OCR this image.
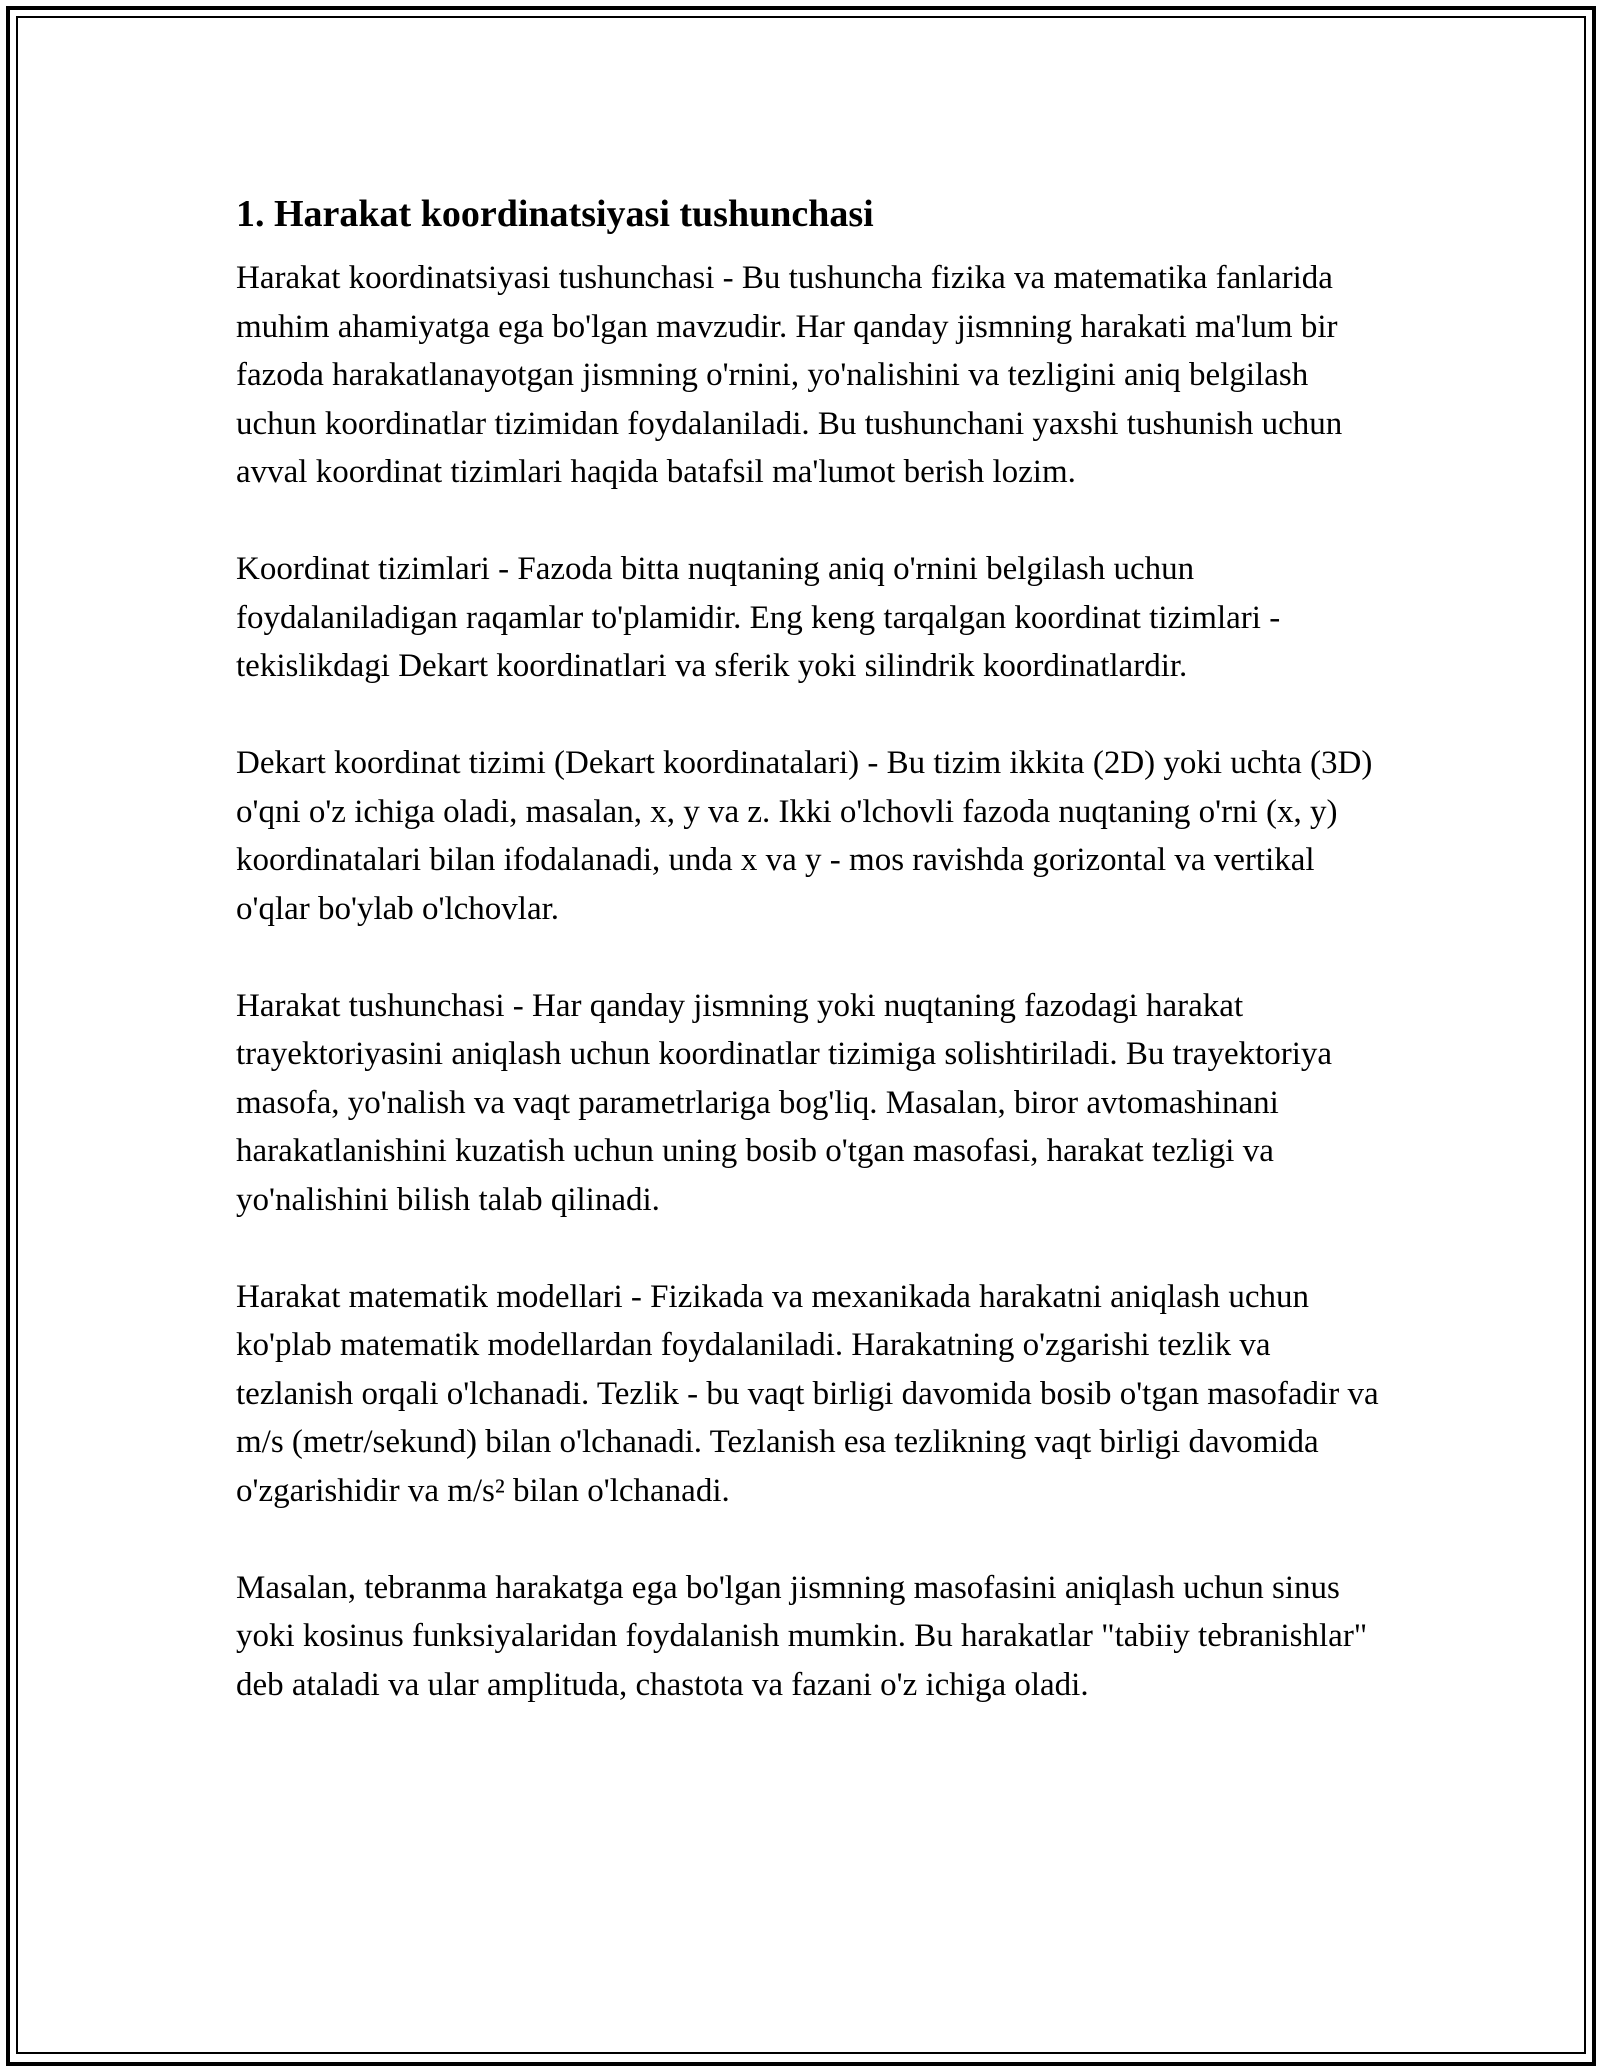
1. Harakat koordinatsiyasi tushunchasi

Harakat koordinatsiyasi tushunchasi - Bu tushuncha fizika va matematika fanlarida muhim ahamiyatga ega bo'lgan mavzudir. Har qanday jismning harakati ma'lum bir fazoda harakatlanayotgan jismning o'rnini, yo'nalishini va tezligini aniq belgilash uchun koordinatlar tizimidan foydalaniladi. Bu tushunchani yaxshi tushunish uchun avval koordinat tizimlari haqida batafsil ma'lumot berish lozim.

Koordinat tizimlari - Fazoda bitta nuqtaning aniq o'rnini belgilash uchun foydalaniladigan raqamlar to'plamidir. Eng keng tarqalgan koordinat tizimlari - tekislikdagi Dekart koordinatlari va sferik yoki silindrik koordinatlardir.

Dekart koordinat tizimi (Dekart koordinatalari) - Bu tizim ikkita (2D) yoki uchta (3D) o'qni o'z ichiga oladi, masalan, x, y va z. Ikki o'lchovli fazoda nuqtaning o'rni (x, y) koordinatalari bilan ifodalanadi, unda x va y - mos ravishda gorizontal va vertikal o'qlar bo'ylab o'lchovlar.

Harakat tushunchasi - Har qanday jismning yoki nuqtaning fazodagi harakat trayektoriyasini aniqlash uchun koordinatlar tizimiga solishtiriladi. Bu trayektoriya masofa, yo'nalish va vaqt parametrlariga bog'liq. Masalan, biror avtomashinani harakatlanishini kuzatish uchun uning bosib o'tgan masofasi, harakat tezligi va yo'nalishini bilish talab qilinadi.

Harakat matematik modellari - Fizikada va mexanikada harakatni aniqlash uchun ko'plab matematik modellardan foydalaniladi. Harakatning o'zgarishi tezlik va tezlanish orqali o'lchanadi. Tezlik - bu vaqt birligi davomida bosib o'tgan masofadir va m/s (metr/sekund) bilan o'lchanadi. Tezlanish esa tezlikning vaqt birligi davomida o'zgarishidir va m/s² bilan o'lchanadi.

Masalan, tebranma harakatga ega bo'lgan jismning masofasini aniqlash uchun sinus yoki kosinus funksiyalaridan foydalanish mumkin. Bu harakatlar "tabiiy tebranishlar" deb ataladi va ular amplituda, chastota va fazani o'z ichiga oladi.
